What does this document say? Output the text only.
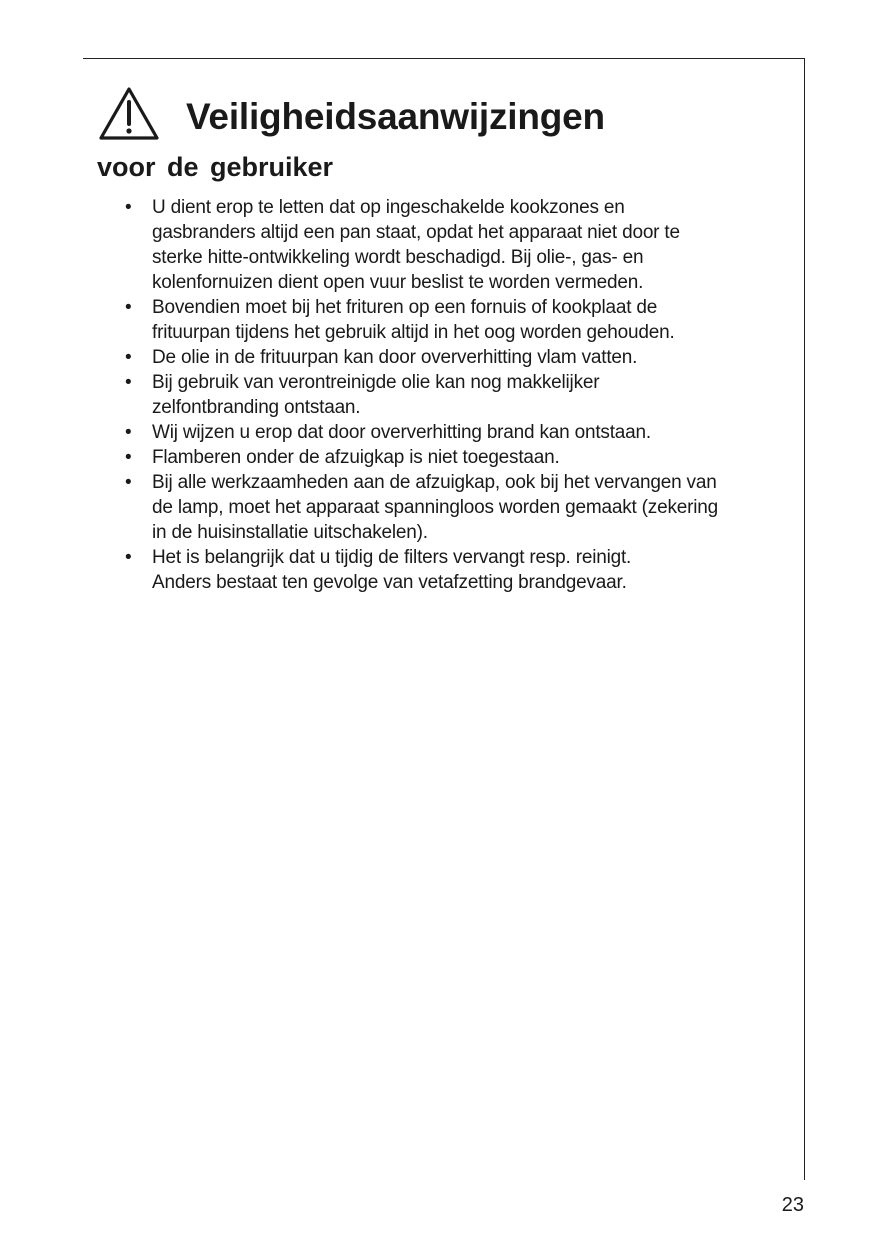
Veiligheidsaanwijzingen
voor de gebruiker
• U dient erop te letten dat op ingeschakelde kookzones en
gasbranders altijd een pan staat, opdat het apparaat niet door te
sterke hitte-ontwikkeling wordt beschadigd. Bij olie-, gas- en
kolenfornuizen dient open vuur beslist te worden vermeden.
• Bovendien moet bij het frituren op een fornuis of kookplaat de
frituurpan tijdens het gebruik altijd in het oog worden gehouden.
• De olie in de frituurpan kan door oververhitting vlam vatten.
• Bij gebruik van verontreinigde olie kan nog makkelijker
zelfontbranding ontstaan.
• Wij wijzen u erop dat door oververhitting brand kan ontstaan.
• Flamberen onder de afzuigkap is niet toegestaan.
• Bij alle werkzaamheden aan de afzuigkap, ook bij het vervangen van
de lamp, moet het apparaat spanningloos worden gemaakt (zekering
in de huisinstallatie uitschakelen).
• Het is belangrijk dat u tijdig de filters vervangt resp. reinigt.
Anders bestaat ten gevolge van vetafzetting brandgevaar.
23
